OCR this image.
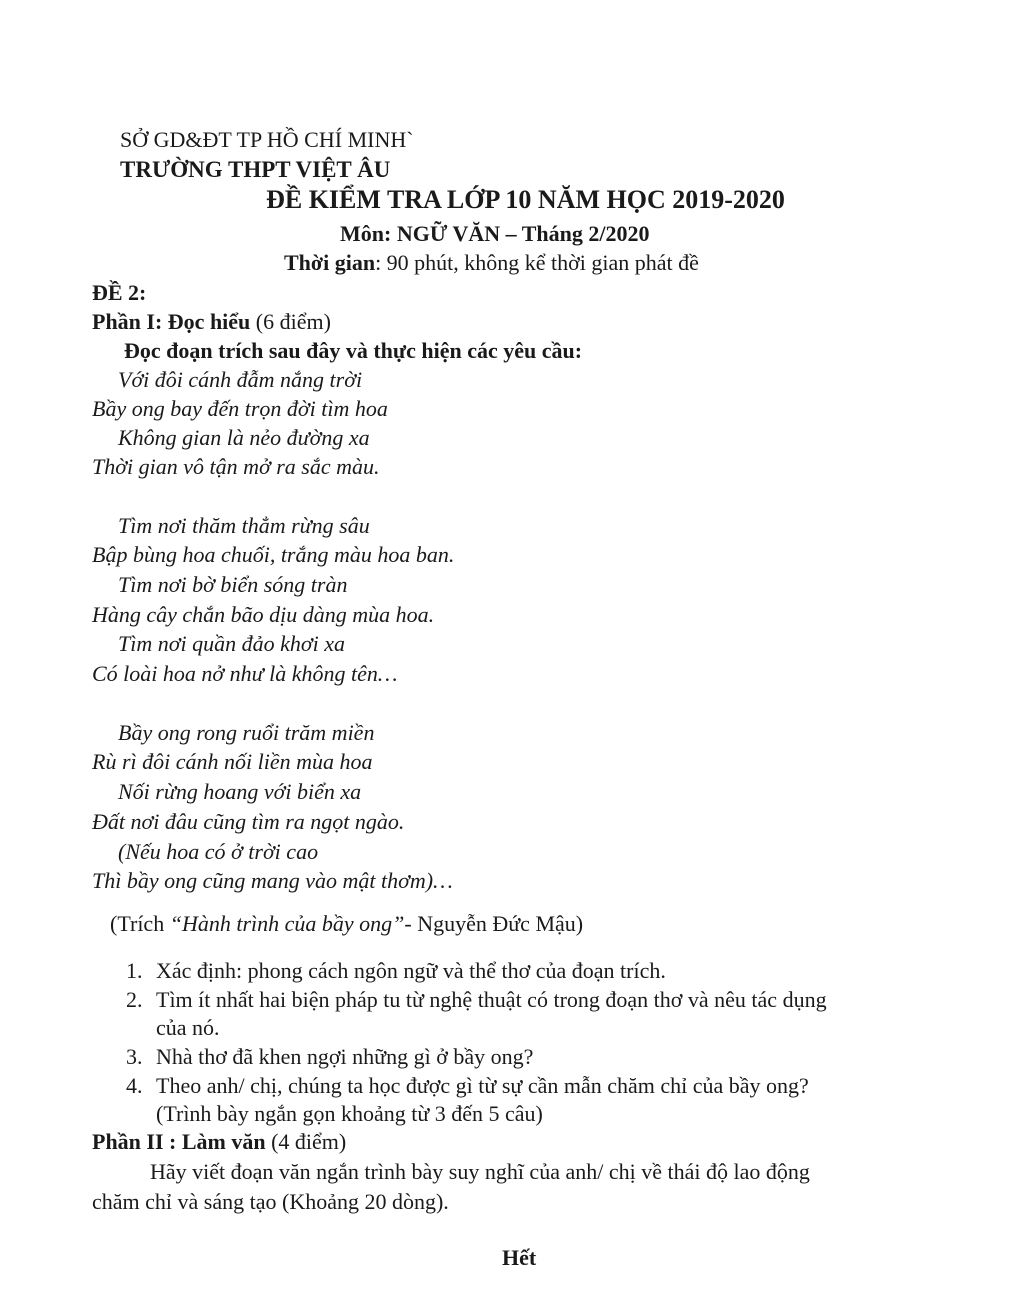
SỞ GD&ĐT TP HỒ CHÍ MINH`
TRƯỜNG THPT VIỆT ÂU
ĐỀ KIỂM TRA LỚP 10 NĂM HỌC 2019-2020
Môn: NGỮ VĂN – Tháng 2/2020
Thời gian: 90 phút, không kể thời gian phát đề
ĐỀ 2:
Phần I: Đọc hiểu (6 điểm)
Đọc đoạn trích sau đây và thực hiện các yêu cầu:
Với đôi cánh đẫm nắng trời
Bầy ong bay đến trọn đời tìm hoa
Không gian là nẻo đường xa
Thời gian vô tận mở ra sắc màu.
Tìm nơi thăm thẳm rừng sâu
Bập bùng hoa chuối, trắng màu hoa ban.
Tìm nơi bờ biển sóng tràn
Hàng cây chắn bão dịu dàng mùa hoa.
Tìm nơi quần đảo khơi xa
Có loài hoa nở như là không tên…
Bầy ong rong ruổi trăm miền
Rù rì đôi cánh nối liền mùa hoa
Nối rừng hoang với biển xa
Đất nơi đâu cũng tìm ra ngọt ngào.
(Nếu hoa có ở trời cao
Thì bầy ong cũng mang vào mật thơm)…
(Trích “Hành trình của bầy ong”- Nguyễn Đức Mậu)
1. Xác định: phong cách ngôn ngữ và thể thơ của đoạn trích.
2. Tìm ít nhất hai biện pháp tu từ nghệ thuật có trong đoạn thơ và nêu tác dụng
của nó.
3. Nhà thơ đã khen ngợi những gì ở bầy ong?
4. Theo anh/ chị, chúng ta học được gì từ sự cần mẫn chăm chỉ của bầy ong?
(Trình bày ngắn gọn khoảng từ 3 đến 5 câu)
Phần II : Làm văn (4 điểm)
Hãy viết đoạn văn ngắn trình bày suy nghĩ của anh/ chị về thái độ lao động
chăm chỉ và sáng tạo (Khoảng 20 dòng).
Hết
